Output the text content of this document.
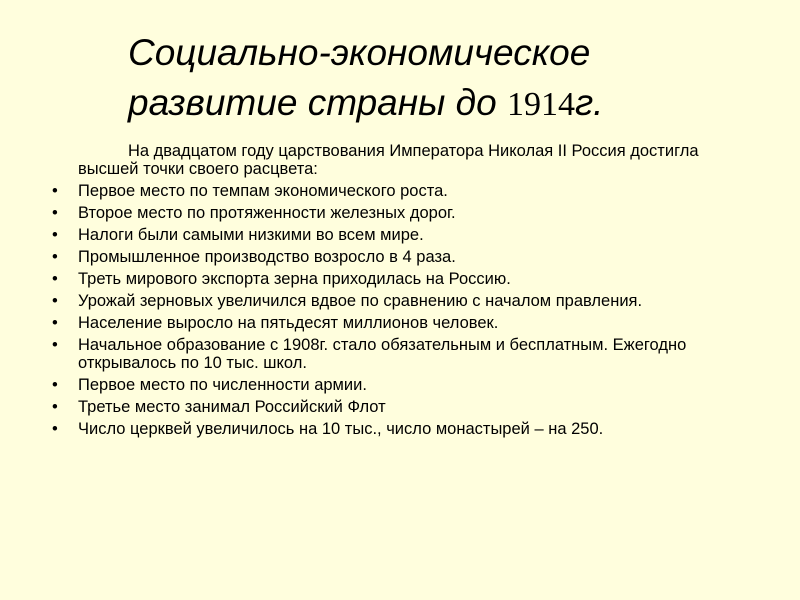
Социально-экономическое
развитие страны до 1914г.

На двадцатом году царствования Императора Николая II Россия достигла высшей точки своего расцвета:

• Первое место по темпам экономического роста.
• Второе место по протяженности железных дорог.
• Налоги были самыми низкими во всем мире.
• Промышленное производство возросло в 4 раза.
• Треть мирового экспорта зерна приходилась на Россию.
• Урожай зерновых увеличился вдвое по сравнению с началом правления.
• Население выросло на пятьдесят миллионов человек.
• Начальное образование с 1908г. стало обязательным и бесплатным. Ежегодно открывалось по 10 тыс. школ.
• Первое место по численности армии.
• Третье место занимал Российский Флот
• Число церквей увеличилось на 10 тыс., число монастырей – на 250.
